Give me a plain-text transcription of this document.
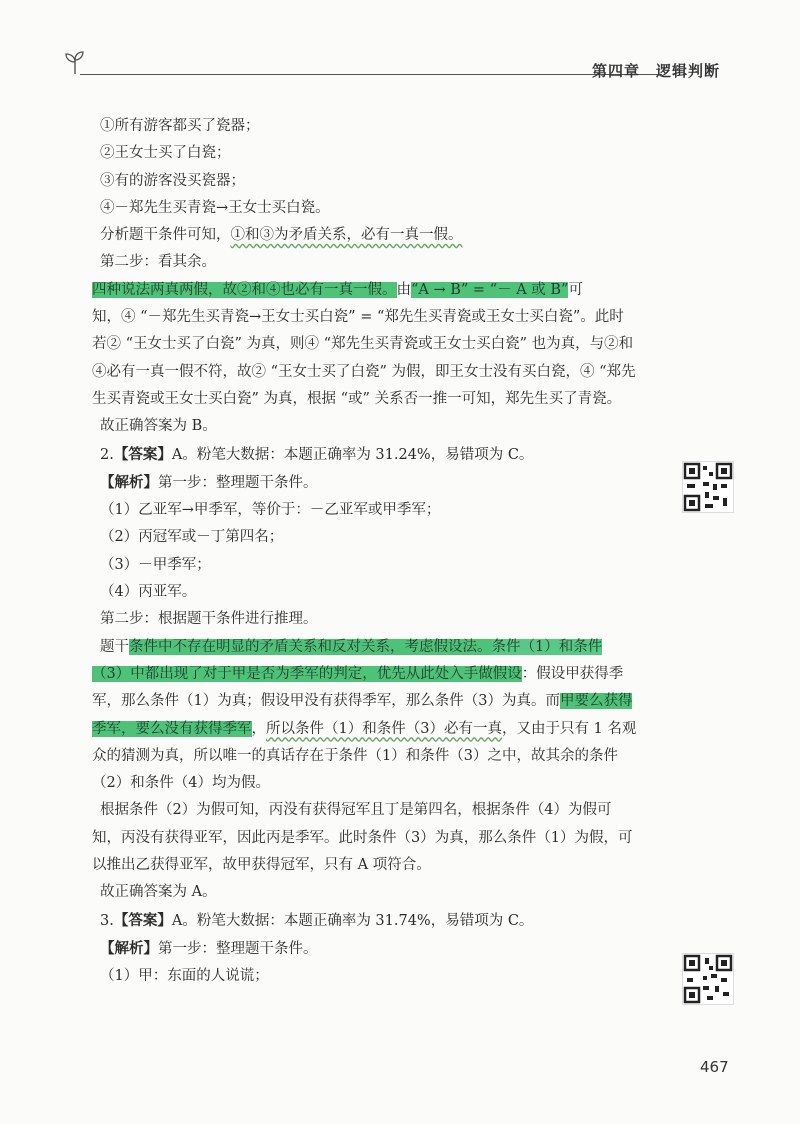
第四章 逻辑判断

①所有游客都买了瓷器；

②王女士买了白瓷；

③有的游客没买瓷器；

④－郑先生买青瓷→王女士买白瓷。

分析题干条件可知，①和③为矛盾关系，必有一真一假。

第二步：看其余。

四种说法两真两假，故②和④也必有一真一假。由“A → B” = “－ A 或 B”可

知，④ “－郑先生买青瓷→王女士买白瓷” = “郑先生买青瓷或王女士买白瓷”。此时

若② “王女士买了白瓷” 为真，则④ “郑先生买青瓷或王女士买白瓷” 也为真，与②和

④必有一真一假不符，故② “王女士买了白瓷” 为假，即王女士没有买白瓷，④ “郑先

生买青瓷或王女士买白瓷” 为真，根据 “或” 关系否一推一可知，郑先生买了青瓷。

故正确答案为 B。

2.【答案】A。粉笔大数据：本题正确率为 31.24%，易错项为 C。

【解析】第一步：整理题干条件。

（1）乙亚军→甲季军，等价于：－乙亚军或甲季军；

（2）丙冠军或－丁第四名；

（3）－甲季军；

（4）丙亚军。

第二步：根据题干条件进行推理。

题干条件中不存在明显的矛盾关系和反对关系，考虑假设法。条件（1）和条件

（3）中都出现了对于甲是否为季军的判定，优先从此处入手做假设：假设甲获得季

军，那么条件（1）为真；假设甲没有获得季军，那么条件（3）为真。而甲要么获得

季军，要么没有获得季军，所以条件（1）和条件（3）必有一真，又由于只有 1 名观

众的猜测为真，所以唯一的真话存在于条件（1）和条件（3）之中，故其余的条件

（2）和条件（4）均为假。

根据条件（2）为假可知，丙没有获得冠军且丁是第四名，根据条件（4）为假可

知，丙没有获得亚军，因此丙是季军。此时条件（3）为真，那么条件（1）为假，可

以推出乙获得亚军，故甲获得冠军，只有 A 项符合。

故正确答案为 A。

3.【答案】A。粉笔大数据：本题正确率为 31.74%，易错项为 C。

【解析】第一步：整理题干条件。

（1）甲：东面的人说谎；

467
